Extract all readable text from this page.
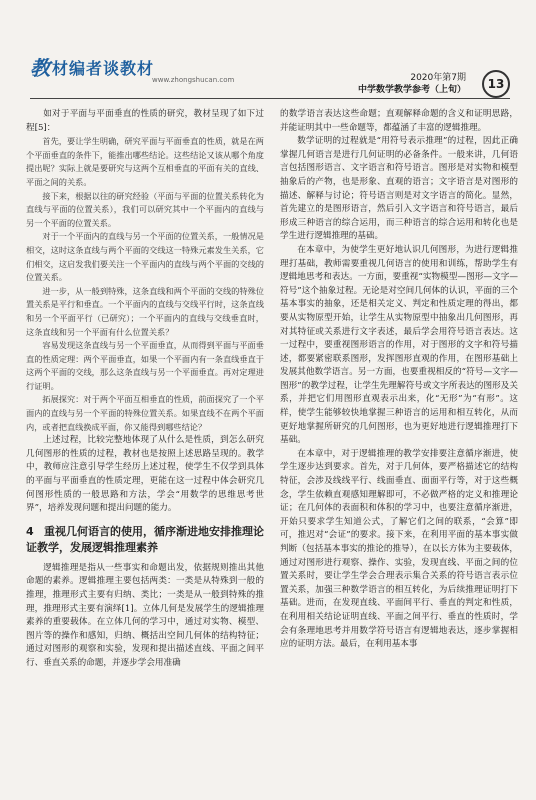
教 材编者谈教材
www.zhongshucan.com	2020年第7期
中学数学教学参考（上旬）	13

如对于平面与平面垂直的性质的研究，教材呈现了如下过程[5]：

首先，要让学生明确，研究平面与平面垂直的性质，就是在两个平面垂直的条件下，能推出哪些结论。这些结论又该从哪个角度提出呢？实际上就是要研究与这两个互相垂直的平面有关的直线、平面之间的关系。

接下来，根据以往的研究经验（平面与平面的位置关系转化为直线与平面的位置关系），我们可以研究其中一个平面内的直线与另一个平面的位置关系。

对于一个平面内的直线与另一个平面的位置关系，一般情况是相交，这时这条直线与两个平面的交线这一特殊元素发生关系，它们相交，这启发我们要关注一个平面内的直线与两个平面的交线的位置关系。

进一步，从一般到特殊，这条直线和两个平面的交线的特殊位置关系是平行和垂直。一个平面内的直线与交线平行时，这条直线和另一个平面平行（已研究）；一个平面内的直线与交线垂直时，这条直线和另一个平面有什么位置关系？

容易发现这条直线与另一个平面垂直，从而得到平面与平面垂直的性质定理：两个平面垂直，如果一个平面内有一条直线垂直于这两个平面的交线，那么这条直线与另一个平面垂直。再对定理进行证明。

拓展探究：对于两个平面互相垂直的性质，前面探究了一个平面内的直线与另一个平面的特殊位置关系。如果直线不在两个平面内，或者把直线换成平面，你又能得到哪些结论？

上述过程，比较完整地体现了从什么是性质，到怎么研究几何图形的性质的过程，教材也是按照上述思路呈现的。教学中，教师应注意引导学生经历上述过程，使学生不仅学到具体的平面与平面垂直的性质定理，更能在这一过程中体会研究几何图形性质的一般思路和方法，学会“用数学的思维思考世界”，培养发现问题和提出问题的能力。

4 重视几何语言的使用，循序渐进地安排推理论证教学，发展逻辑推理素养

逻辑推理是指从一些事实和命题出发，依据规则推出其他命题的素养。逻辑推理主要包括两类：一类是从特殊到一般的推理，推理形式主要有归纳、类比；一类是从一般到特殊的推理，推理形式主要有演绎[1]。立体几何是发展学生的逻辑推理素养的重要载体。在立体几何的学习中，通过对实物、模型、图片等的操作和感知，归纳、概括出空间几何体的结构特征；通过对图形的观察和实验，发现和提出描述直线、平面之间平行、垂直关系的命题，并逐步学会用准确

的数学语言表达这些命题；直观解释命题的含义和证明思路，并能证明其中一些命题等，都蕴涵了丰富的逻辑推理。

数学证明的过程就是“用符号表示推理”的过程，因此正确掌握几何语言是进行几何证明的必备条件。一般来讲，几何语言包括图形语言、文字语言和符号语言。图形是对实物和模型抽象后的产物，也是形象、直观的语言；文字语言是对图形的描述、解释与讨论；符号语言则是对文字语言的简化。显然，首先建立的是图形语言，然后引入文字语言和符号语言，最后形成三种语言的综合运用，而三种语言的综合运用和转化也是学生进行逻辑推理的基础。

在本章中，为使学生更好地认识几何图形，为进行逻辑推理打基础，教师需要重视几何语言的使用和训练，帮助学生有逻辑地思考和表达。一方面，要重视“实物模型—图形—文字—符号”这个抽象过程。无论是对空间几何体的认识，平面的三个基本事实的抽象，还是相关定义、判定和性质定理的得出，都要从实物原型开始，让学生从实物原型中抽象出几何图形，再对其特征或关系进行文字表述，最后学会用符号语言表达。这一过程中，要重视图形语言的作用，对于图形的文字和符号描述，都要紧密联系图形，发挥图形直观的作用，在图形基础上发展其他数学语言。另一方面，也要重视相反的“符号—文字—图形”的教学过程，让学生先理解符号或文字所表达的图形及关系，并把它们用图形直观表示出来，化“无形”为“有形”。这样，使学生能够较快地掌握三种语言的运用和相互转化，从而更好地掌握所研究的几何图形，也为更好地进行逻辑推理打下基础。

在本章中，对于逻辑推理的教学安排要注意循序渐进，使学生逐步达到要求。首先，对于几何体，要严格描述它的结构特征，会涉及线线平行、线面垂直、面面平行等，对于这些概念，学生依赖直观感知理解即可，不必做严格的定义和推理论证；在几何体的表面积和体积的学习中，也要注意循序渐进，开始只要求学生知道公式，了解它们之间的联系，“会算”即可，推迟对“会证”的要求。接下来，在利用平面的基本事实做判断（包括基本事实的推论的推导），在以长方体为主要载体，通过对图形进行观察、操作、实验，发现直线、平面之间的位置关系时，要让学生学会合理表示集合关系的符号语言表示位置关系，加强三种数学语言的相互转化，为后续推理证明打下基础。进而，在发现直线、平面间平行、垂直的判定和性质，在利用相关结论证明直线、平面之间平行、垂直的性质时，学会有条理地思考并用数学符号语言有逻辑地表达，逐步掌握相应的证明方法。最后，在利用基本事
